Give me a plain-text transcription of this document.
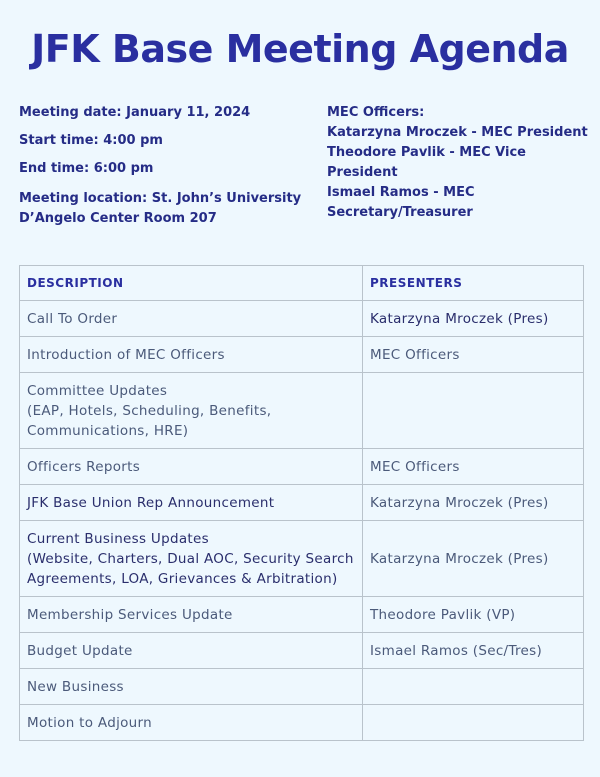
JFK Base Meeting Agenda
Meeting date: January 11, 2024
Start time: 4:00 pm
End time: 6:00 pm
Meeting location: St. John’s University
D’Angelo Center Room 207
MEC Officers:
Katarzyna Mroczek - MEC President
Theodore Pavlik - MEC Vice
President
Ismael Ramos - MEC
Secretary/Treasurer
DESCRIPTION	PRESENTERS

Call To Order	Katarzyna Mroczek (Pres)

Introduction of MEC Officers	MEC Officers

Committee Updates
(EAP, Hotels, Scheduling, Benefits,
Communications, HRE)	

Officers Reports	MEC Officers

JFK Base Union Rep Announcement	Katarzyna Mroczek (Pres)

Current Business Updates
(Website, Charters, Dual AOC, Security Search
Agreements, LOA, Grievances & Arbitration)	Katarzyna Mroczek (Pres)

Membership Services Update	Theodore Pavlik (VP)

Budget Update	Ismael Ramos (Sec/Tres)

New Business	

Motion to Adjourn	
